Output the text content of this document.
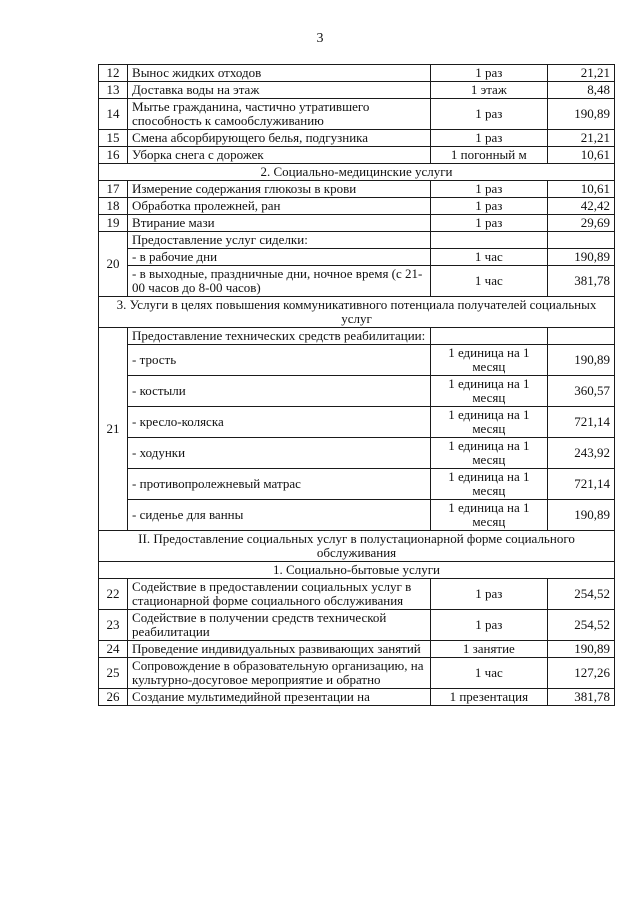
3
12	Вынос жидких отходов	1 раз	21,21
13	Доставка воды на этаж	1 этаж	8,48
14	Мытье гражданина, частично утратившего способность к самообслуживанию	1 раз	190,89
15	Смена абсорбирующего белья, подгузника	1 раз	21,21
16	Уборка снега с дорожек	1 погонный м	10,61
2. Социально-медицинские услуги			
17	Измерение содержания глюкозы в крови	1 раз	10,61
18	Обработка пролежней, ран	1 раз	42,42
19	Втирание мази	1 раз	29,69
20	Предоставление услуг сиделки:		
	- в рабочие дни	1 час	190,89
	- в выходные, праздничные дни, ночное время (с 21-00 часов до 8-00 часов)	1 час	381,78
3. Услуги в целях повышения коммуникативного потенциала получателей социальных услуг			
21	Предоставление технических средств реабилитации:		
	- трость	1 единица на 1 месяц	190,89
	- костыли	1 единица на 1 месяц	360,57
	- кресло-коляска	1 единица на 1 месяц	721,14
	- ходунки	1 единица на 1 месяц	243,92
	- противопролежневый матрас	1 единица на 1 месяц	721,14
	- сиденье для ванны	1 единица на 1 месяц	190,89
II. Предоставление социальных услуг в полустационарной форме социального обслуживания			
1. Социально-бытовые услуги			
22	Содействие в предоставлении социальных услуг в стационарной форме социального обслуживания	1 раз	254,52
23	Содействие в получении средств технической реабилитации	1 раз	254,52
24	Проведение индивидуальных развивающих занятий	1 занятие	190,89
25	Сопровождение в образовательную организацию, на культурно-досуговое мероприятие и обратно	1 час	127,26
26	Создание мультимедийной презентации на	1 презентация	381,78
